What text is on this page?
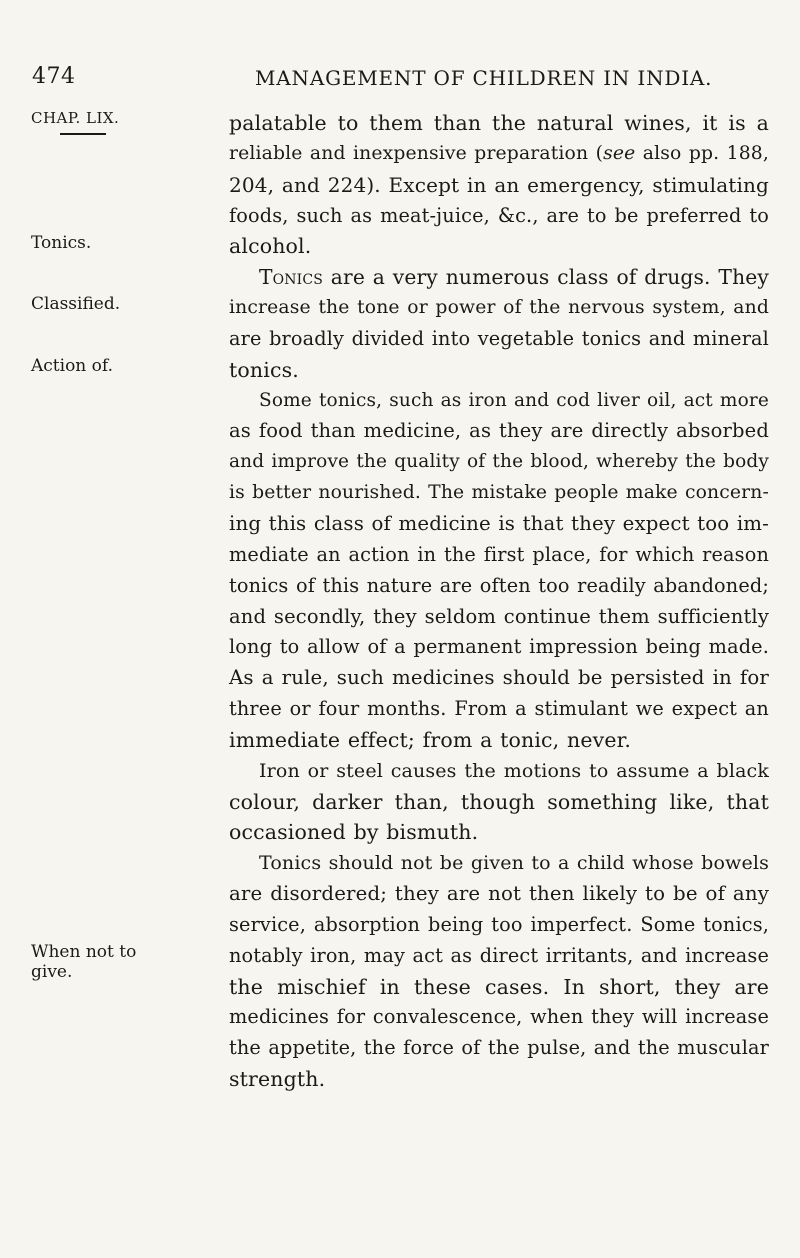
474	MANAGEMENT OF CHILDREN IN INDIA.
CHAP. LIX.
Tonics.
Classified.
Action of.
When not to
give.
palatable to them than the natural wines, it is a
reliable and inexpensive preparation (see also pp. 188,
204, and 224). Except in an emergency, stimulating
foods, such as meat-juice, &c., are to be preferred to
alcohol.
Tonics are a very numerous class of drugs. They
increase the tone or power of the nervous system, and
are broadly divided into vegetable tonics and mineral
tonics.
Some tonics, such as iron and cod liver oil, act more
as food than medicine, as they are directly absorbed
and improve the quality of the blood, whereby the body
is better nourished. The mistake people make concern-
ing this class of medicine is that they expect too im-
mediate an action in the first place, for which reason
tonics of this nature are often too readily abandoned;
and secondly, they seldom continue them sufficiently
long to allow of a permanent impression being made.
As a rule, such medicines should be persisted in for
three or four months. From a stimulant we expect an
immediate effect; from a tonic, never.
Iron or steel causes the motions to assume a black
colour, darker than, though something like, that
occasioned by bismuth.
Tonics should not be given to a child whose bowels
are disordered; they are not then likely to be of any
service, absorption being too imperfect. Some tonics,
notably iron, may act as direct irritants, and increase
the mischief in these cases. In short, they are
medicines for convalescence, when they will increase
the appetite, the force of the pulse, and the muscular
strength.
